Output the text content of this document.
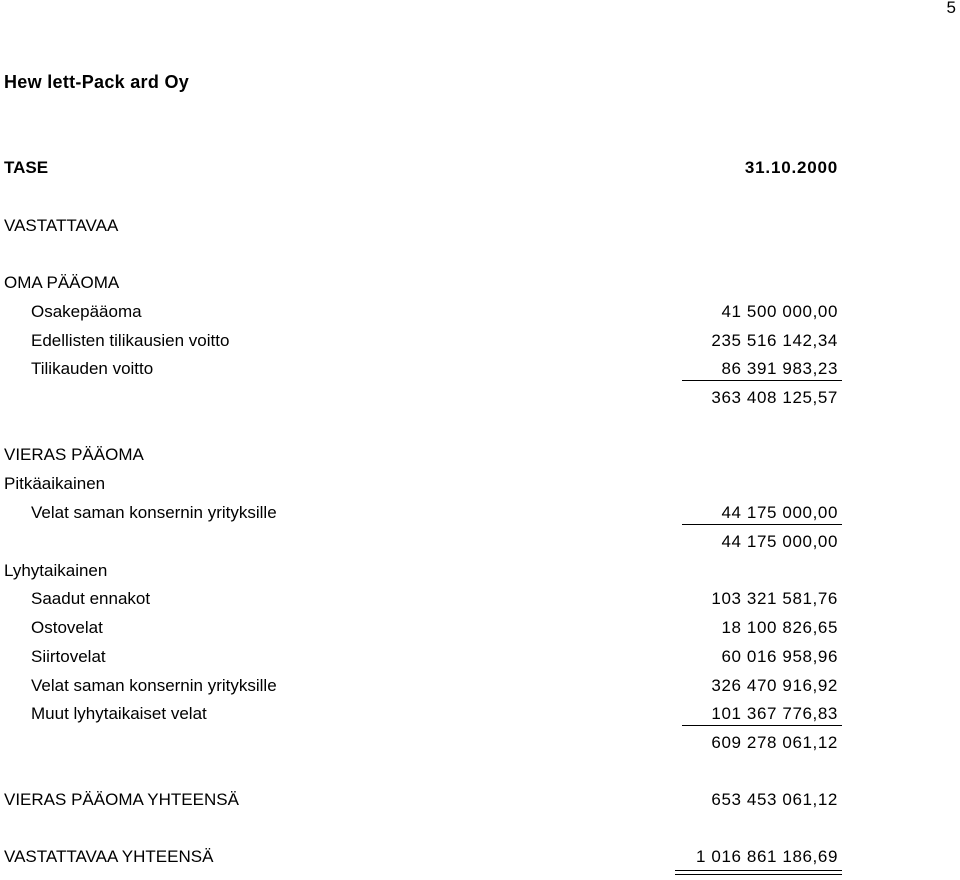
5
Hew lett-Pack ard Oy
TASE	31.10.2000
VASTATTAVAA
OMA PÄÄOMA
Osakepääoma	41 500 000,00
Edellisten tilikausien voitto	235 516 142,34
Tilikauden voitto	86 391 983,23
363 408 125,57
VIERAS PÄÄOMA
Pitkäaikainen
Velat saman konsernin yrityksille	44 175 000,00
44 175 000,00
Lyhytaikainen
Saadut ennakot	103 321 581,76
Ostovelat	18 100 826,65
Siirtovelat	60 016 958,96
Velat saman konsernin yrityksille	326 470 916,92
Muut lyhytaikaiset velat	101 367 776,83
609 278 061,12
VIERAS PÄÄOMA YHTEENSÄ	653 453 061,12
VASTATTAVAA YHTEENSÄ	1 016 861 186,69
